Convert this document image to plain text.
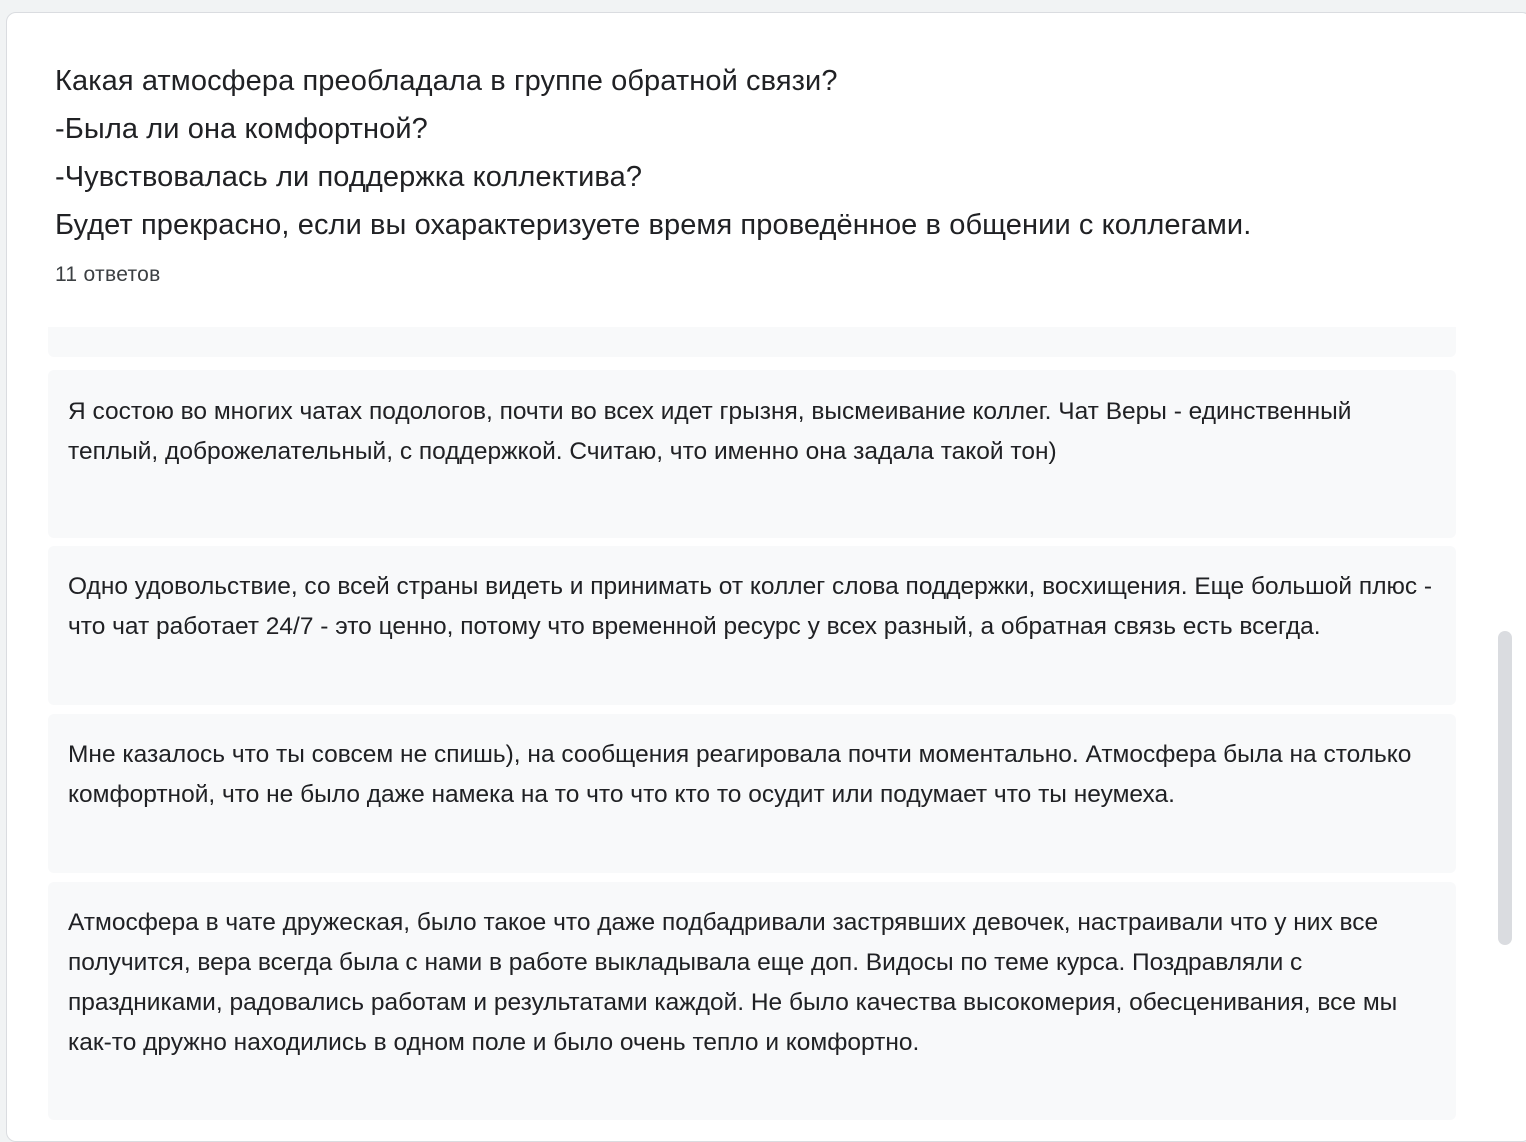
Какая атмосфера преобладала в группе обратной связи?
-Была ли она комфортной?
-Чувствовалась ли поддержка коллектива?
Будет прекрасно, если вы охарактеризуете время проведённое в общении с коллегами.
11 ответов
Я состою во многих чатах подологов, почти во всех идет грызня, высмеивание коллег. Чат Веры - единственный теплый, доброжелательный, с поддержкой. Считаю, что именно она задала такой тон)
Одно удовольствие, со всей страны видеть и принимать от коллег слова поддержки, восхищения. Еще большой плюс - что чат работает 24/7 - это ценно, потому что временной ресурс у всех разный, а обратная связь есть всегда.
Мне казалось что ты совсем не спишь), на сообщения реагировала почти моментально. Атмосфера была на столько комфортной, что не было даже намека на то что что кто то осудит или подумает что ты неумеха.
Атмосфера в чате дружеская, было такое что даже подбадривали застрявших девочек, настраивали что у них все получится, вера всегда была с нами в работе выкладывала еще доп. Видосы по теме курса. Поздравляли с праздниками, радовались работам и результатами каждой. Не было качества высокомерия, обесценивания, все мы как-то дружно находились в одном поле и было очень тепло и комфортно.
